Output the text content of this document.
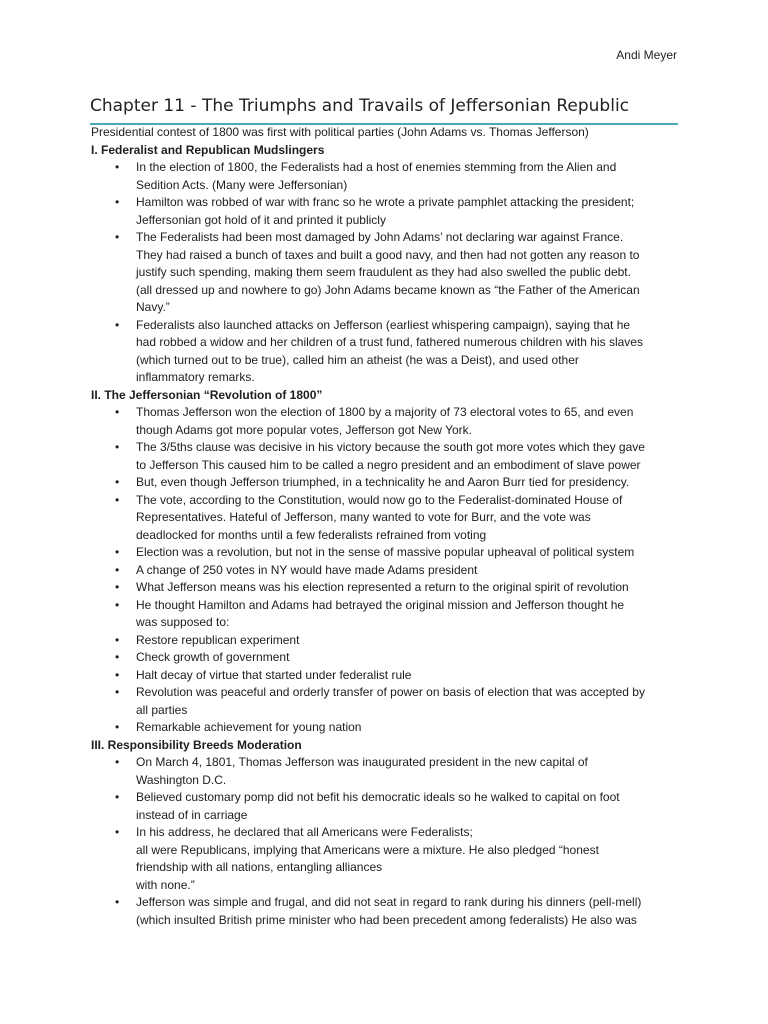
Andi Meyer
Chapter 11 - The Triumphs and Travails of Jeffersonian Republic
Presidential contest of 1800 was first with political parties (John Adams vs. Thomas Jefferson)
I. Federalist and Republican Mudslingers
•
In the election of 1800, the Federalists had a host of enemies stemming from the Alien and
Sedition Acts. (Many were Jeffersonian)
•
Hamilton was robbed of war with franc so he wrote a private pamphlet attacking the president;
Jeffersonian got hold of it and printed it publicly
•
The Federalists had been most damaged by John Adams’ not declaring war against France.
They had raised a bunch of taxes and built a good navy, and then had not gotten any reason to
justify such spending, making them seem fraudulent as they had also swelled the public debt.
(all dressed up and nowhere to go) John Adams became known as “the Father of the American
Navy.”
•
Federalists also launched attacks on Jefferson (earliest whispering campaign), saying that he
had robbed a widow and her children of a trust fund, fathered numerous children with his slaves
(which turned out to be true), called him an atheist (he was a Deist), and used other
inflammatory remarks.
II. The Jeffersonian “Revolution of 1800”
•
Thomas Jefferson won the election of 1800 by a majority of 73 electoral votes to 65, and even
though Adams got more popular votes, Jefferson got New York.
•
The 3/5ths clause was decisive in his victory because the south got more votes which they gave
to Jefferson This caused him to be called a negro president and an embodiment of slave power
•
But, even though Jefferson triumphed, in a technicality he and Aaron Burr tied for presidency.
•
The vote, according to the Constitution, would now go to the Federalist-dominated House of
Representatives. Hateful of Jefferson, many wanted to vote for Burr, and the vote was
deadlocked for months until a few federalists refrained from voting
•
Election was a revolution, but not in the sense of massive popular upheaval of political system
•
A change of 250 votes in NY would have made Adams president
•
What Jefferson means was his election represented a return to the original spirit of revolution
•
He thought Hamilton and Adams had betrayed the original mission and Jefferson thought he
was supposed to:
•
Restore republican experiment
•
Check growth of government
•
Halt decay of virtue that started under federalist rule
•
Revolution was peaceful and orderly transfer of power on basis of election that was accepted by
all parties
•
Remarkable achievement for young nation
III. Responsibility Breeds Moderation
•
On March 4, 1801, Thomas Jefferson was inaugurated president in the new capital of
Washington D.C.
•
Believed customary pomp did not befit his democratic ideals so he walked to capital on foot
instead of in carriage
•
In his address, he declared that all Americans were Federalists;
all were Republicans, implying that Americans were a mixture. He also pledged “honest
friendship with all nations, entangling alliances
with none.”
•
Jefferson was simple and frugal, and did not seat in regard to rank during his dinners (pell-mell)
(which insulted British prime minister who had been precedent among federalists) He also was
